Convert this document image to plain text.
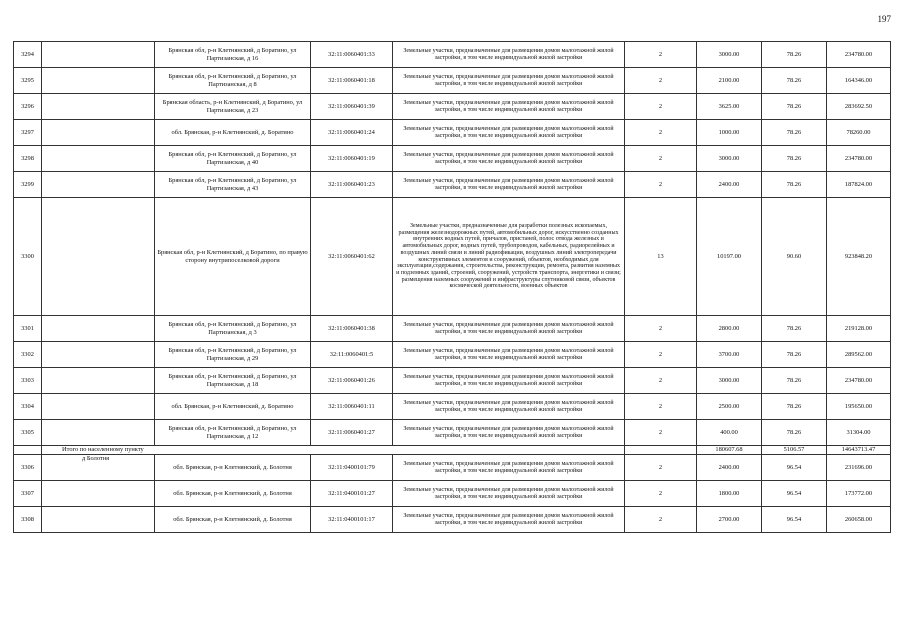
197
3294		Брянская обл, р-н Клетнянский, д Боратино, ул Партизанская, д 16	32:11:0060401:33	Земельные участки, предназначенные для размещения домов малоэтажной жилой застройки, в том числе индивидуальной жилой застройки	2	3000.00	78.26	234780.00
3295		Брянская обл, р-н Клетнянский, д Боратино, ул Партизанская, д 8	32:11:0060401:18	Земельные участки, предназначенные для размещения домов малоэтажной жилой застройки, в том числе индивидуальной жилой застройки	2	2100.00	78.26	164346.00
3296		Брянская область, р-н Клетнянский, д Боратино, ул Партизанская, д 23	32:11:0060401:39	Земельные участки, предназначенные для размещения домов малоэтажной жилой застройки, в том числе индивидуальной жилой застройки	2	3625.00	78.26	283692.50
3297		обл. Брянская, р-н Клетнянский, д. Боратино	32:11:0060401:24	Земельные участки, предназначенные для размещения домов малоэтажной жилой застройки, в том числе индивидуальной жилой застройки	2	1000.00	78.26	78260.00
3298		Брянская обл, р-н Клетнянский, д Боратино, ул Партизанская, д 40	32:11:0060401:19	Земельные участки, предназначенные для размещения домов малоэтажной жилой застройки, в том числе индивидуальной жилой застройки	2	3000.00	78.26	234780.00
3299		Брянская обл, р-н Клетнянский, д Боратино, ул Партизанская, д 43	32:11:0060401:23	Земельные участки, предназначенные для размещения домов малоэтажной жилой застройки, в том числе индивидуальной жилой застройки	2	2400.00	78.26	187824.00
3300		Брянская обл, р-н Клетнянский, д Боратино, по правую сторону внутрипоселковой дороги	32:11:0060401:62	Земельные участки, предназначенные для разработки полезных ископаемых, размещения железнодорожных путей, автомобильных дорог, искусственно созданных внутренних водных путей, причалов, пристаней, полос отвода железных и автомобильных дорог, водных путей, трубопроводов, кабельных, радиорелейных и воздушных линий связи и линий радиофикации, воздушных линий электропередачи конструктивных элементов и сооружений, объектов, необходимых для эксплуатации,содержания, строительства, реконструкции, ремонта, развития наземных и подземных зданий, строений, сооружений, устройств транспорта, энергетики и связи; размещения наземных сооружений и инфраструктуры спутниковой связи, объектов космической деятельности, военных объектов	13	10197.00	90.60	923848.20
3301		Брянская обл, р-н Клетнянский, д Боратино, ул Партизанская, д 3	32:11:0060401:38	Земельные участки, предназначенные для размещения домов малоэтажной жилой застройки, в том числе индивидуальной жилой застройки	2	2800.00	78.26	219128.00
3302		Брянская обл, р-н Клетнянский, д Боратино, ул Партизанская, д 29	32:11:0060401:5	Земельные участки, предназначенные для размещения домов малоэтажной жилой застройки, в том числе индивидуальной жилой застройки	2	3700.00	78.26	289562.00
3303		Брянская обл, р-н Клетнянский, д Боратино, ул Партизанская, д 18	32:11:0060401:26	Земельные участки, предназначенные для размещения домов малоэтажной жилой застройки, в том числе индивидуальной жилой застройки	2	3000.00	78.26	234780.00
3304		обл. Брянская, р-н Клетнянский, д. Боратино	32:11:0060401:11	Земельные участки, предназначенные для размещения домов малоэтажной жилой застройки, в том числе индивидуальной жилой застройки	2	2500.00	78.26	195650.00
3305		Брянская обл, р-н Клетнянский, д Боратино, ул Партизанская, д 12	32:11:0060401:27	Земельные участки, предназначенные для размещения домов малоэтажной жилой застройки, в том числе индивидуальной жилой застройки	2	400.00	78.26	31304.00
	Итого по населенному пункту					180607.68	5106.57	14643713.47
3306	д Болотня	обл. Брянская, р-н Клетнянский, д. Болотня	32:11:0400101:79	Земельные участки, предназначенные для размещения домов малоэтажной жилой застройки, в том числе индивидуальной жилой застройки	2	2400.00	96.54	231696.00
3307		обл. Брянская, р-н Клетнянский, д. Болотня	32:11:0400101:27	Земельные участки, предназначенные для размещения домов малоэтажной жилой застройки, в том числе индивидуальной жилой застройки	2	1800.00	96.54	173772.00
3308		обл. Брянская, р-н Клетнянский, д. Болотня	32:11:0400101:17	Земельные участки, предназначенные для размещения домов малоэтажной жилой застройки, в том числе индивидуальной жилой застройки	2	2700.00	96.54	260658.00
